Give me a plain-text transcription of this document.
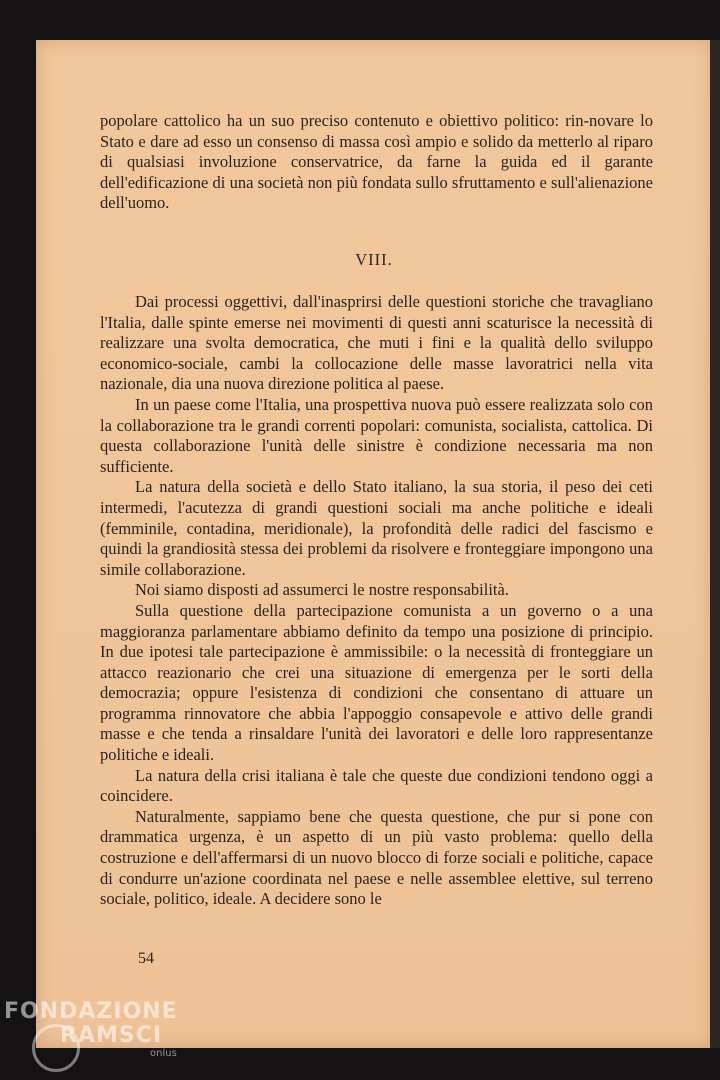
popolare cattolico ha un suo preciso contenuto e obiettivo politico: rin-novare lo Stato e dare ad esso un consenso di massa così ampio e solido da metterlo al riparo di qualsiasi involuzione conservatrice, da farne la guida ed il garante dell'edificazione di una società non più fondata sullo sfruttamento e sull'alienazione dell'uomo.
VIII.

Dai processi oggettivi, dall'inasprirsi delle questioni storiche che travagliano l'Italia, dalle spinte emerse nei movimenti di questi anni scaturisce la necessità di realizzare una svolta democratica, che muti i fini e la qualità dello sviluppo economico-sociale, cambi la collocazione delle masse lavoratrici nella vita nazionale, dia una nuova direzione politica al paese.

In un paese come l'Italia, una prospettiva nuova può essere realizzata solo con la collaborazione tra le grandi correnti popolari: comunista, socialista, cattolica. Di questa collaborazione l'unità delle sinistre è condizione necessaria ma non sufficiente.

La natura della società e dello Stato italiano, la sua storia, il peso dei ceti intermedi, l'acutezza di grandi questioni sociali ma anche politiche e ideali (femminile, contadina, meridionale), la profondità delle radici del fascismo e quindi la grandiosità stessa dei problemi da risolvere e fronteggiare impongono una simile collaborazione.

Noi siamo disposti ad assumerci le nostre responsabilità.

Sulla questione della partecipazione comunista a un governo o a una maggioranza parlamentare abbiamo definito da tempo una posizione di principio. In due ipotesi tale partecipazione è ammissibile: o la necessità di fronteggiare un attacco reazionario che crei una situazione di emergenza per le sorti della democrazia; oppure l'esistenza di condizioni che consentano di attuare un programma rinnovatore che abbia l'appoggio consapevole e attivo delle grandi masse e che tenda a rinsaldare l'unità dei lavoratori e delle loro rappresentanze politiche e ideali.

La natura della crisi italiana è tale che queste due condizioni tendono oggi a coincidere.

Naturalmente, sappiamo bene che questa questione, che pur si pone con drammatica urgenza, è un aspetto di un più vasto problema: quello della costruzione e dell'affermarsi di un nuovo blocco di forze sociali e politiche, capace di condurre un'azione coordinata nel paese e nelle assemblee elettive, sul terreno sociale, politico, ideale. A decidere sono le

54
FONDAZIONE
RAMSCI
onlus
